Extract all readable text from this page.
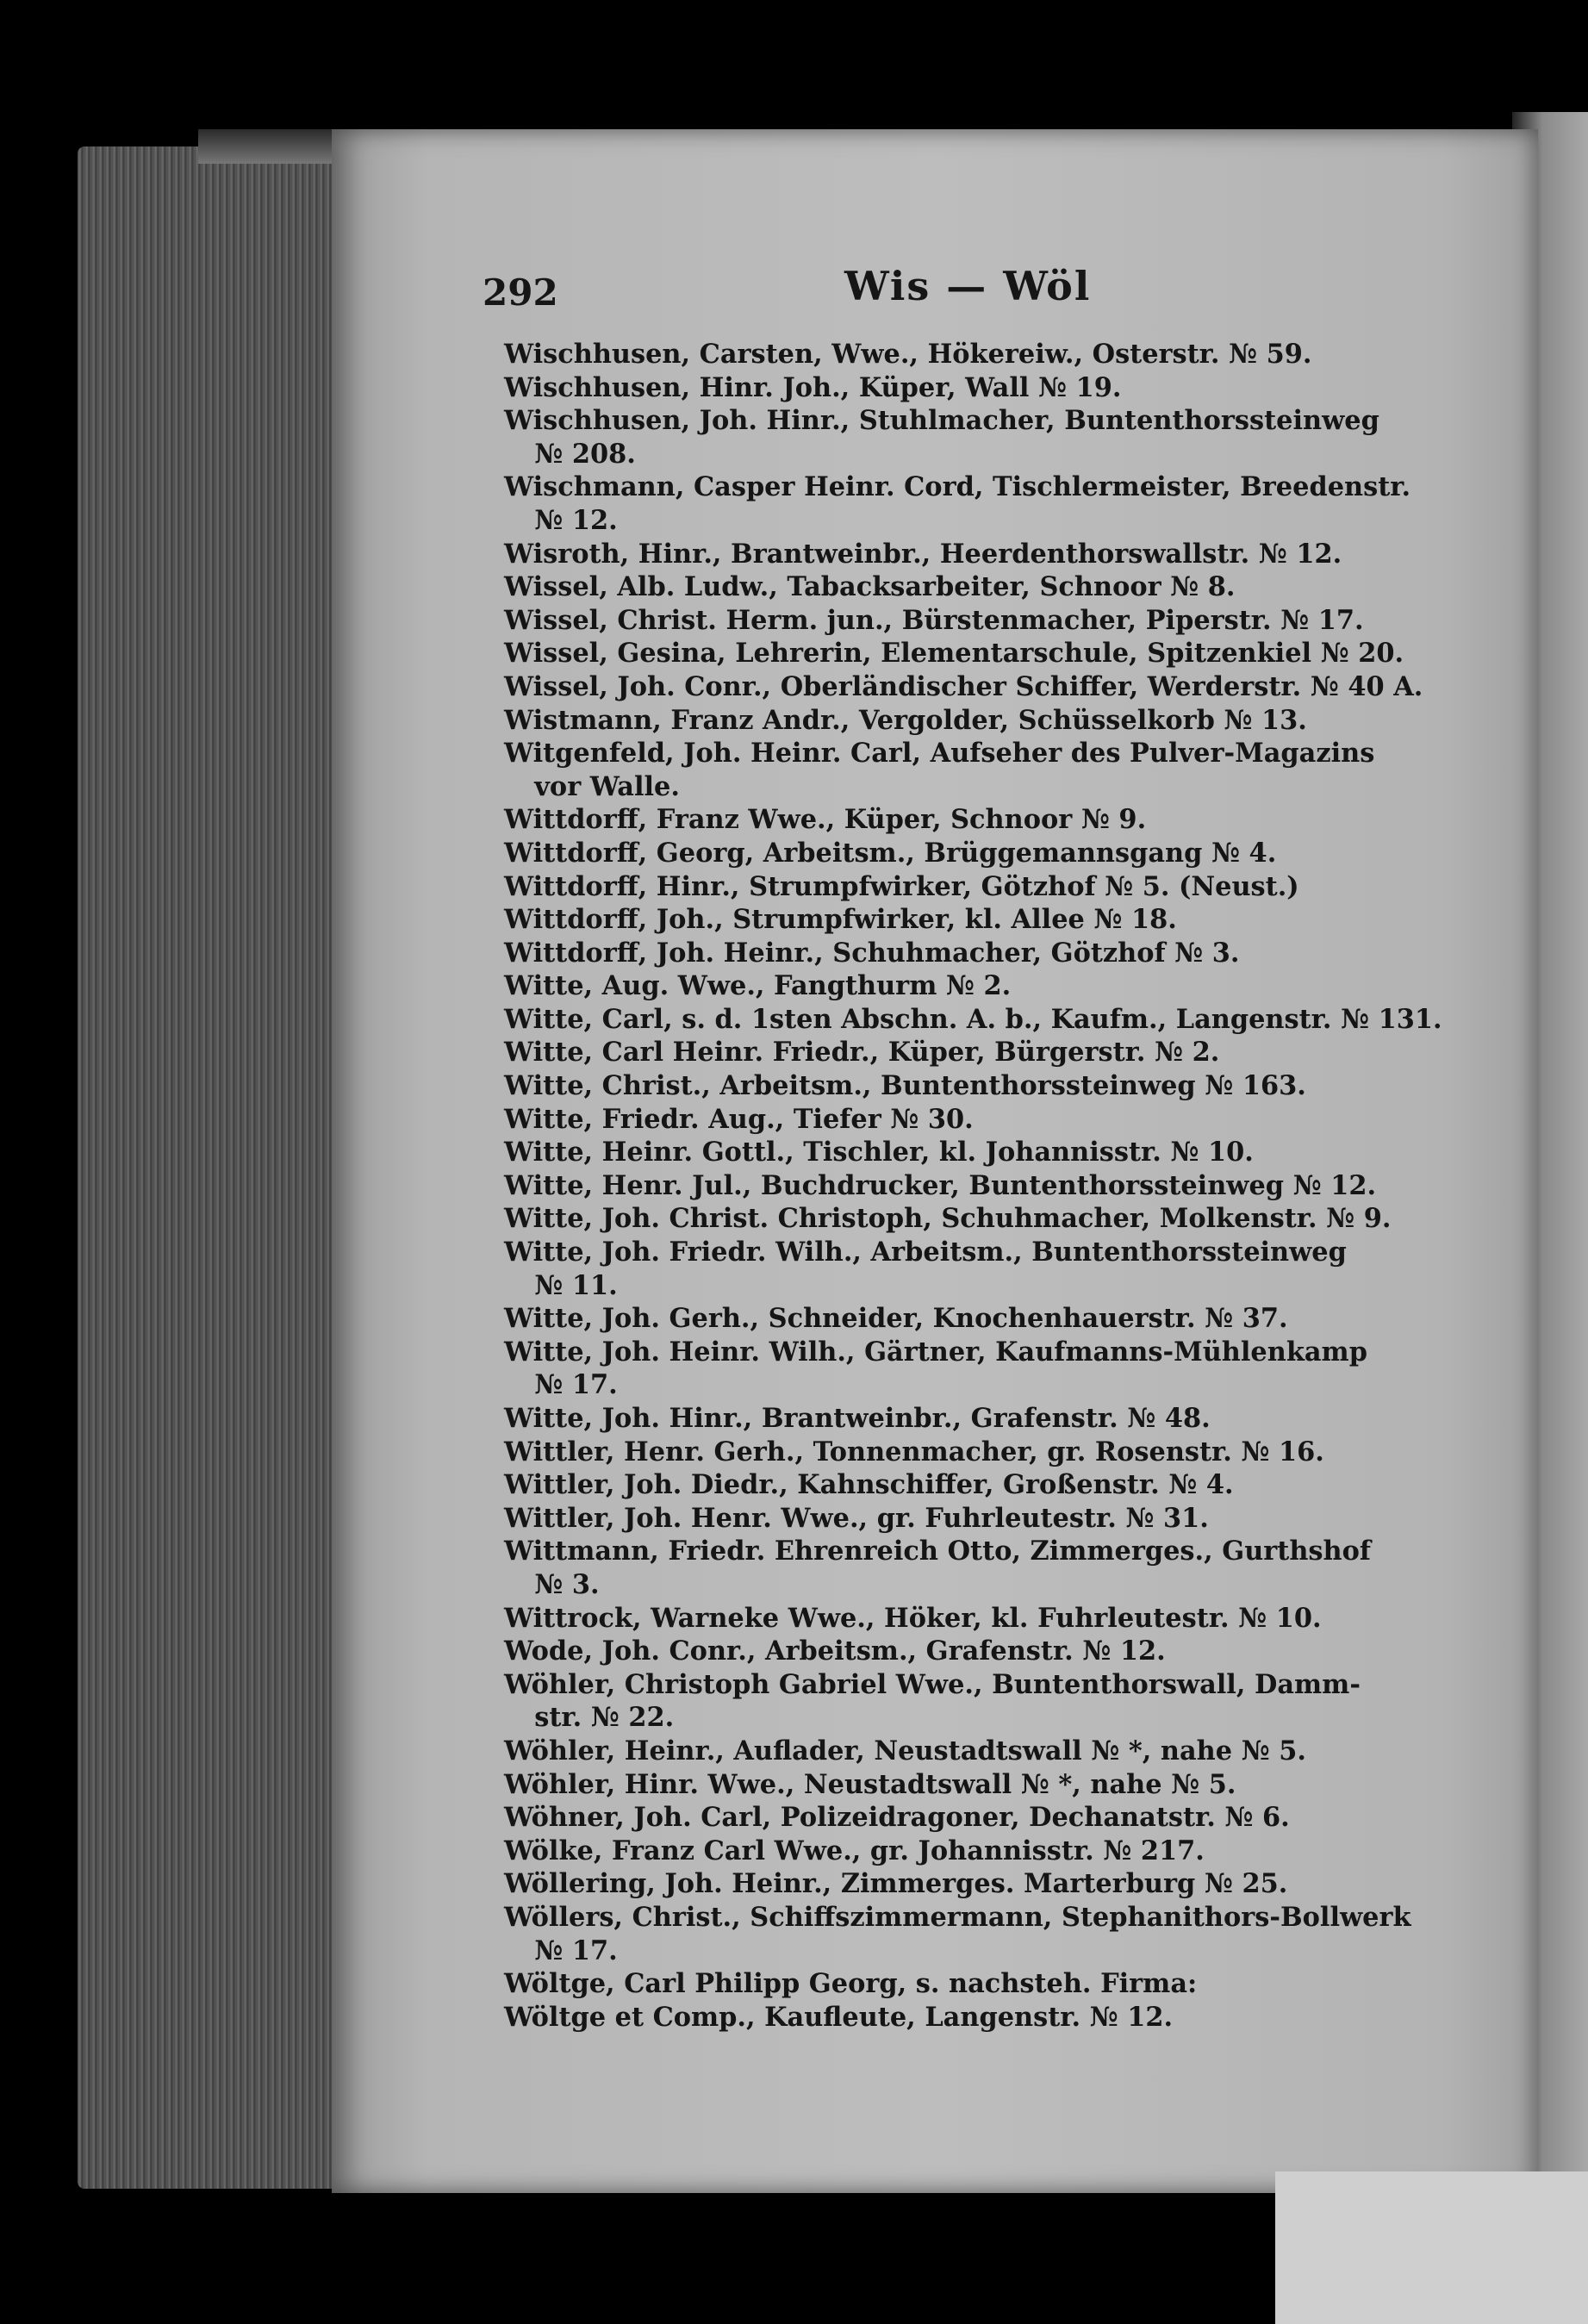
292	Wis — Wöl
Wischhusen, Carsten, Wwe., Hökereiw., Osterstr. № 59.
Wischhusen, Hinr. Joh., Küper, Wall № 19.
Wischhusen, Joh. Hinr., Stuhlmacher, Buntenthorssteinweg
№ 208.
Wischmann, Casper Heinr. Cord, Tischlermeister, Breedenstr.
№ 12.
Wisroth, Hinr., Brantweinbr., Heerdenthorswallstr. № 12.
Wissel, Alb. Ludw., Tabacksarbeiter, Schnoor № 8.
Wissel, Christ. Herm. jun., Bürstenmacher, Piperstr. № 17.
Wissel, Gesina, Lehrerin, Elementarschule, Spitzenkiel № 20.
Wissel, Joh. Conr., Oberländischer Schiffer, Werderstr. № 40 A.
Wistmann, Franz Andr., Vergolder, Schüsselkorb № 13.
Witgenfeld, Joh. Heinr. Carl, Aufseher des Pulver-Magazins
vor Walle.
Wittdorff, Franz Wwe., Küper, Schnoor № 9.
Wittdorff, Georg, Arbeitsm., Brüggemannsgang № 4.
Wittdorff, Hinr., Strumpfwirker, Götzhof № 5. (Neust.)
Wittdorff, Joh., Strumpfwirker, kl. Allee № 18.
Wittdorff, Joh. Heinr., Schuhmacher, Götzhof № 3.
Witte, Aug. Wwe., Fangthurm № 2.
Witte, Carl, s. d. 1sten Abschn. A. b., Kaufm., Langenstr. № 131.
Witte, Carl Heinr. Friedr., Küper, Bürgerstr. № 2.
Witte, Christ., Arbeitsm., Buntenthorssteinweg № 163.
Witte, Friedr. Aug., Tiefer № 30.
Witte, Heinr. Gottl., Tischler, kl. Johannisstr. № 10.
Witte, Henr. Jul., Buchdrucker, Buntenthorssteinweg № 12.
Witte, Joh. Christ. Christoph, Schuhmacher, Molkenstr. № 9.
Witte, Joh. Friedr. Wilh., Arbeitsm., Buntenthorssteinweg
№ 11.
Witte, Joh. Gerh., Schneider, Knochenhauerstr. № 37.
Witte, Joh. Heinr. Wilh., Gärtner, Kaufmanns-Mühlenkamp
№ 17.
Witte, Joh. Hinr., Brantweinbr., Grafenstr. № 48.
Wittler, Henr. Gerh., Tonnenmacher, gr. Rosenstr. № 16.
Wittler, Joh. Diedr., Kahnschiffer, Großenstr. № 4.
Wittler, Joh. Henr. Wwe., gr. Fuhrleutestr. № 31.
Wittmann, Friedr. Ehrenreich Otto, Zimmerges., Gurthshof
№ 3.
Wittrock, Warneke Wwe., Höker, kl. Fuhrleutestr. № 10.
Wode, Joh. Conr., Arbeitsm., Grafenstr. № 12.
Wöhler, Christoph Gabriel Wwe., Buntenthorswall, Damm-
str. № 22.
Wöhler, Heinr., Auflader, Neustadtswall № *, nahe № 5.
Wöhler, Hinr. Wwe., Neustadtswall № *, nahe № 5.
Wöhner, Joh. Carl, Polizeidragoner, Dechanatstr. № 6.
Wölke, Franz Carl Wwe., gr. Johannisstr. № 217.
Wöllering, Joh. Heinr., Zimmerges. Marterburg № 25.
Wöllers, Christ., Schiffszimmermann, Stephanithors-Bollwerk
№ 17.
Wöltge, Carl Philipp Georg, s. nachsteh. Firma:
Wöltge et Comp., Kaufleute, Langenstr. № 12.
